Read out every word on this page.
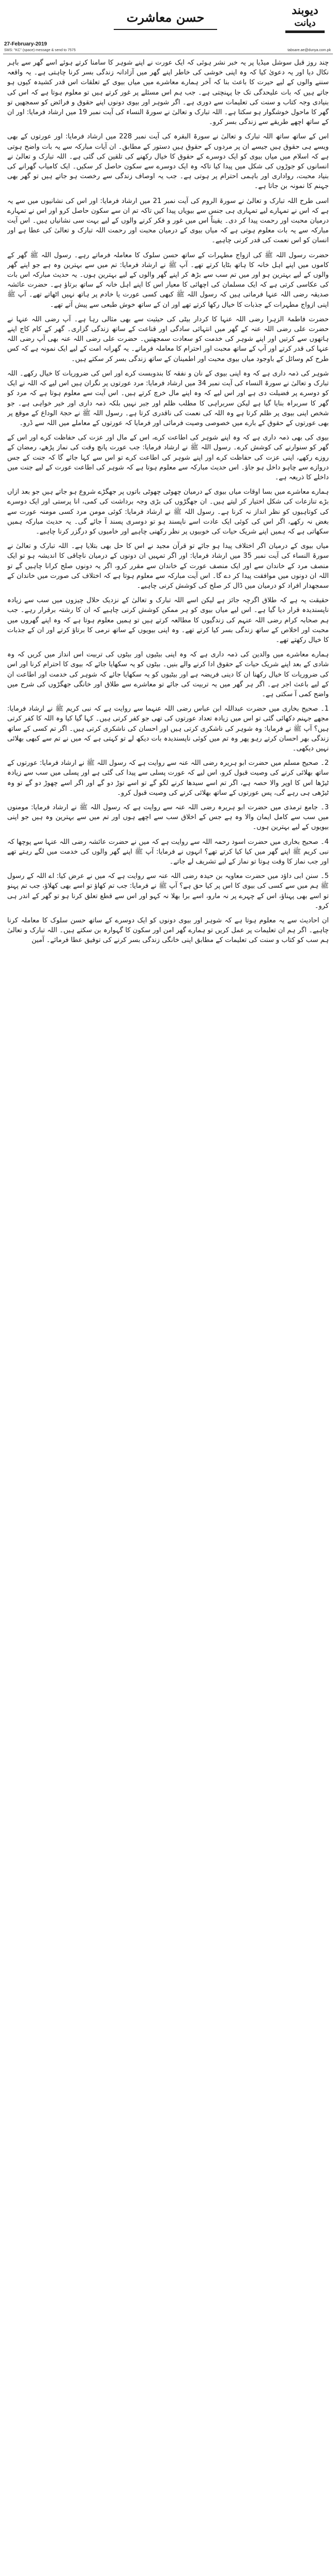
دیوبند
دیانت
حسن معاشرت
27-February-2019
SMS: "KC" (space) message & send to 7575	tabsare.ae@dunya.com.pk

چند روز قبل سوشل میڈیا پر یہ خبر نشر ہوئی کہ ایک عورت نے اپنے شوہر کا سامنا کرتے ہوئے اسے گھر سے باہر نکال دیا اور یہ دعویٰ کیا کہ وہ اپنی خوشی کی خاطر اپنے گھر میں آزادانہ زندگی بسر کرنا چاہتی ہے۔ یہ واقعہ سننے والوں کے لیے حیرت کا باعث بنا کہ آخر ہمارے معاشرے میں میاں بیوی کے تعلقات اس قدر کشیدہ کیوں ہو جاتے ہیں کہ بات علیحدگی تک جا پہنچتی ہے۔ جب ہم اس مسئلے پر غور کرتے ہیں تو معلوم ہوتا ہے کہ اس کی بنیادی وجہ کتاب و سنت کی تعلیمات سے دوری ہے۔ اگر شوہر اور بیوی دونوں اپنے حقوق و فرائض کو سمجھیں تو گھر کا ماحول خوشگوار ہو سکتا ہے۔ اللہ تبارک و تعالیٰ نے سورۃ النساء کی آیت نمبر 19 میں ارشاد فرمایا: اور ان کے ساتھ اچھے طریقے سے زندگی بسر کرو۔

اس کے ساتھ ساتھ اللہ تبارک و تعالیٰ نے سورۃ البقرہ کی آیت نمبر 228 میں ارشاد فرمایا: اور عورتوں کے بھی ویسے ہی حقوق ہیں جیسے ان پر مردوں کے حقوق ہیں دستور کے مطابق۔ ان آیات مبارکہ سے یہ بات واضح ہوتی ہے کہ اسلام میں میاں بیوی کو ایک دوسرے کے حقوق کا خیال رکھنے کی تلقین کی گئی ہے۔ اللہ تبارک و تعالیٰ نے انسانوں کو جوڑوں کی شکل میں پیدا کیا تاکہ وہ ایک دوسرے سے سکون حاصل کر سکیں۔ ایک کامیاب گھرانے کی بنیاد محبت، رواداری اور باہمی احترام پر ہوتی ہے۔ جب یہ اوصاف زندگی سے رخصت ہو جاتے ہیں تو گھر بھی جہنم کا نمونہ بن جاتا ہے۔

اسی طرح اللہ تبارک و تعالیٰ نے سورۃ الروم کی آیت نمبر 21 میں ارشاد فرمایا: اور اس کی نشانیوں میں سے یہ ہے کہ اس نے تمہارے لیے تمہاری ہی جنس سے بیویاں پیدا کیں تاکہ تم ان سے سکون حاصل کرو اور اس نے تمہارے درمیان محبت اور رحمت پیدا کر دی۔ یقیناً اس میں غور و فکر کرنے والوں کے لیے بہت سی نشانیاں ہیں۔ اس آیت مبارکہ سے یہ بات معلوم ہوتی ہے کہ میاں بیوی کے درمیان محبت اور رحمت اللہ تبارک و تعالیٰ کی عطا ہے اور انسان کو اس نعمت کی قدر کرنی چاہیے۔

حضرت رسول اللہ ﷺ کی ازواج مطہرات کے ساتھ حسن سلوک کا معاملہ فرماتے رہے۔ رسول اللہ ﷺ گھر کے کاموں میں اپنے اہل خانہ کا ہاتھ بٹایا کرتے تھے۔ آپ ﷺ نے ارشاد فرمایا: تم میں سے بہترین وہ ہے جو اپنے گھر والوں کے لیے بہترین ہو اور میں تم سب سے بڑھ کر اپنے گھر والوں کے لیے بہترین ہوں۔ یہ حدیث مبارکہ اس بات کی عکاسی کرتی ہے کہ ایک مسلمان کی اچھائی کا معیار اس کا اپنے اہل خانہ کے ساتھ برتاؤ ہے۔ حضرت عائشہ صدیقہ رضی اللہ عنہا فرماتی ہیں کہ رسول اللہ ﷺ کبھی کسی عورت یا خادم پر ہاتھ نہیں اٹھاتے تھے۔ آپ ﷺ اپنی ازواج مطہرات کے جذبات کا خیال رکھا کرتے تھے اور ان کے ساتھ خوش طبعی سے پیش آتے تھے۔

حضرت فاطمۃ الزہرا رضی اللہ عنہا کا کردار بیٹی کی حیثیت سے بھی مثالی رہا ہے۔ آپ رضی اللہ عنہا نے حضرت علی رضی اللہ عنہ کے گھر میں انتہائی سادگی اور قناعت کے ساتھ زندگی گزاری۔ گھر کے کام کاج اپنے ہاتھوں سے کرتیں اور اپنے شوہر کی خدمت کو سعادت سمجھتیں۔ حضرت علی رضی اللہ عنہ بھی آپ رضی اللہ عنہا کی قدر کرتے اور آپ کے ساتھ محبت اور احترام کا معاملہ فرماتے۔ یہ گھرانہ امت کے لیے ایک نمونہ ہے کہ کس طرح کم وسائل کے باوجود میاں بیوی محبت اور اطمینان کے ساتھ زندگی بسر کر سکتے ہیں۔

شوہر کی ذمہ داری ہے کہ وہ اپنی بیوی کے نان و نفقہ کا بندوبست کرے اور اس کی ضروریات کا خیال رکھے۔ اللہ تبارک و تعالیٰ نے سورۃ النساء کی آیت نمبر 34 میں ارشاد فرمایا: مرد عورتوں پر نگران ہیں اس لیے کہ اللہ نے ایک کو دوسرے پر فضیلت دی ہے اور اس لیے کہ وہ اپنے مال خرچ کرتے ہیں۔ اس آیت سے معلوم ہوتا ہے کہ مرد کو گھر کا سربراہ بنایا گیا ہے لیکن سربراہی کا مطلب ظلم اور جبر نہیں بلکہ ذمہ داری اور خیر خواہی ہے۔ جو شخص اپنی بیوی پر ظلم کرتا ہے وہ اللہ کی نعمت کی ناقدری کرتا ہے۔ رسول اللہ ﷺ نے حجۃ الوداع کے موقع پر بھی عورتوں کے حقوق کے بارے میں خصوصی وصیت فرمائی اور فرمایا کہ عورتوں کے معاملے میں اللہ سے ڈرو۔

بیوی کی بھی ذمہ داری ہے کہ وہ اپنے شوہر کی اطاعت کرے، اس کے مال اور عزت کی حفاظت کرے اور اس کے گھر کو سنوارنے کی کوشش کرے۔ رسول اللہ ﷺ نے ارشاد فرمایا: جب عورت پانچ وقت کی نماز پڑھے، رمضان کے روزے رکھے، اپنی عزت کی حفاظت کرے اور اپنے شوہر کی اطاعت کرے تو اس سے کہا جائے گا کہ جنت کے جس دروازے سے چاہو داخل ہو جاؤ۔ اس حدیث مبارکہ سے معلوم ہوتا ہے کہ شوہر کی اطاعت عورت کے لیے جنت میں داخلے کا ذریعہ ہے۔

ہمارے معاشرے میں بسا اوقات میاں بیوی کے درمیان چھوٹی چھوٹی باتوں پر جھگڑے شروع ہو جاتے ہیں جو بعد ازاں بڑے تنازعات کی شکل اختیار کر لیتے ہیں۔ ان جھگڑوں کی بڑی وجہ برداشت کی کمی، انا پرستی اور ایک دوسرے کی کوتاہیوں کو نظر انداز نہ کرنا ہے۔ رسول اللہ ﷺ نے ارشاد فرمایا: کوئی مومن مرد کسی مومنہ عورت سے بغض نہ رکھے، اگر اس کی کوئی ایک عادت اسے ناپسند ہو تو دوسری پسند آ جائے گی۔ یہ حدیث مبارکہ ہمیں سکھاتی ہے کہ ہمیں اپنے شریک حیات کی خوبیوں پر نظر رکھنی چاہیے اور خامیوں کو درگزر کرنا چاہیے۔

میاں بیوی کے درمیان اگر اختلاف پیدا ہو جائے تو قرآن مجید نے اس کا حل بھی بتلایا ہے۔ اللہ تبارک و تعالیٰ نے سورۃ النساء کی آیت نمبر 35 میں ارشاد فرمایا: اور اگر تمہیں ان دونوں کے درمیان ناچاقی کا اندیشہ ہو تو ایک منصف مرد کے خاندان سے اور ایک منصف عورت کے خاندان سے مقرر کرو، اگر یہ دونوں صلح کرانا چاہیں گے تو اللہ ان دونوں میں موافقت پیدا کر دے گا۔ اس آیت مبارکہ سے معلوم ہوتا ہے کہ اختلاف کی صورت میں خاندان کے سمجھدار افراد کو درمیان میں ڈال کر صلح کی کوشش کرنی چاہیے۔

حقیقت یہ ہے کہ طلاق اگرچہ جائز ہے لیکن اسے اللہ تبارک و تعالیٰ کے نزدیک حلال چیزوں میں سب سے زیادہ ناپسندیدہ قرار دیا گیا ہے۔ اس لیے میاں بیوی کو ہر ممکن کوشش کرنی چاہیے کہ ان کا رشتہ برقرار رہے۔ جب ہم صحابہ کرام رضی اللہ عنہم کی زندگیوں کا مطالعہ کرتے ہیں تو ہمیں معلوم ہوتا ہے کہ وہ اپنے گھروں میں محبت اور اخلاص کے ساتھ زندگی بسر کیا کرتے تھے۔ وہ اپنی بیویوں کے ساتھ نرمی کا برتاؤ کرتے اور ان کے جذبات کا خیال رکھتے تھے۔

ہمارے معاشرے میں والدین کی ذمہ داری ہے کہ وہ اپنی بیٹیوں اور بیٹوں کی تربیت اس انداز میں کریں کہ وہ شادی کے بعد اپنے شریک حیات کے حقوق ادا کرنے والے بنیں۔ بیٹوں کو یہ سکھایا جائے کہ بیوی کا احترام کرنا اور اس کی ضروریات کا خیال رکھنا ان کا دینی فریضہ ہے اور بیٹیوں کو یہ سکھایا جائے کہ شوہر کی خدمت اور اطاعت ان کے لیے باعث اجر ہے۔ اگر ہر گھر میں یہ تربیت کی جائے تو معاشرے سے طلاق اور خانگی جھگڑوں کی شرح میں واضح کمی آ سکتی ہے۔

1۔ صحیح بخاری میں حضرت عبداللہ ابن عباس رضی اللہ عنہما سے روایت ہے کہ نبی کریم ﷺ نے ارشاد فرمایا: مجھے جہنم دکھائی گئی تو اس میں زیادہ تعداد عورتوں کی تھی جو کفر کرتی ہیں۔ کہا گیا کیا وہ اللہ کا کفر کرتی ہیں؟ آپ ﷺ نے فرمایا: وہ شوہر کی ناشکری کرتی ہیں اور احسان کی ناشکری کرتی ہیں۔ اگر تم کسی کے ساتھ زندگی بھر احسان کرتے رہو پھر وہ تم میں کوئی ناپسندیدہ بات دیکھ لے تو کہتی ہے کہ میں نے تم سے کبھی بھلائی نہیں دیکھی۔

2۔ صحیح مسلم میں حضرت ابو ہریرہ رضی اللہ عنہ سے روایت ہے کہ رسول اللہ ﷺ نے ارشاد فرمایا: عورتوں کے ساتھ بھلائی کرنے کی وصیت قبول کرو، اس لیے کہ عورت پسلی سے پیدا کی گئی ہے اور پسلی میں سب سے زیادہ ٹیڑھا اس کا اوپر والا حصہ ہے، اگر تم اسے سیدھا کرنے لگو گے تو اسے توڑ دو گے اور اگر اسے چھوڑ دو گے تو وہ ٹیڑھی ہی رہے گی، پس عورتوں کے ساتھ بھلائی کرنے کی وصیت قبول کرو۔

3۔ جامع ترمذی میں حضرت ابو ہریرہ رضی اللہ عنہ سے روایت ہے کہ رسول اللہ ﷺ نے ارشاد فرمایا: مومنوں میں سب سے کامل ایمان والا وہ ہے جس کے اخلاق سب سے اچھے ہوں اور تم میں سے بہترین وہ ہیں جو اپنی بیویوں کے لیے بہترین ہوں۔

4۔ صحیح بخاری میں حضرت اسود رحمہ اللہ سے روایت ہے کہ میں نے حضرت عائشہ رضی اللہ عنہا سے پوچھا کہ نبی کریم ﷺ اپنے گھر میں کیا کیا کرتے تھے؟ انہوں نے فرمایا: آپ ﷺ اپنے گھر والوں کی خدمت میں لگے رہتے تھے اور جب نماز کا وقت ہوتا تو نماز کے لیے تشریف لے جاتے۔

5۔ سنن ابی داؤد میں حضرت معاویہ بن حیدہ رضی اللہ عنہ سے روایت ہے کہ میں نے عرض کیا: اے اللہ کے رسول ﷺ ہم میں سے کسی کی بیوی کا اس پر کیا حق ہے؟ آپ ﷺ نے فرمایا: جب تم کھاؤ تو اسے بھی کھلاؤ، جب تم پہنو تو اسے بھی پہناؤ، اس کے چہرے پر نہ مارو، اسے برا بھلا نہ کہو اور اس سے قطع تعلق کرنا ہو تو گھر کے اندر ہی کرو۔

ان احادیث سے یہ معلوم ہوتا ہے کہ شوہر اور بیوی دونوں کو ایک دوسرے کے ساتھ حسن سلوک کا معاملہ کرنا چاہیے۔ اگر ہم ان تعلیمات پر عمل کریں تو ہمارے گھر امن اور سکون کا گہوارہ بن سکتے ہیں۔ اللہ تبارک و تعالیٰ ہم سب کو کتاب و سنت کی تعلیمات کے مطابق اپنی خانگی زندگی بسر کرنے کی توفیق عطا فرمائے۔ آمین
